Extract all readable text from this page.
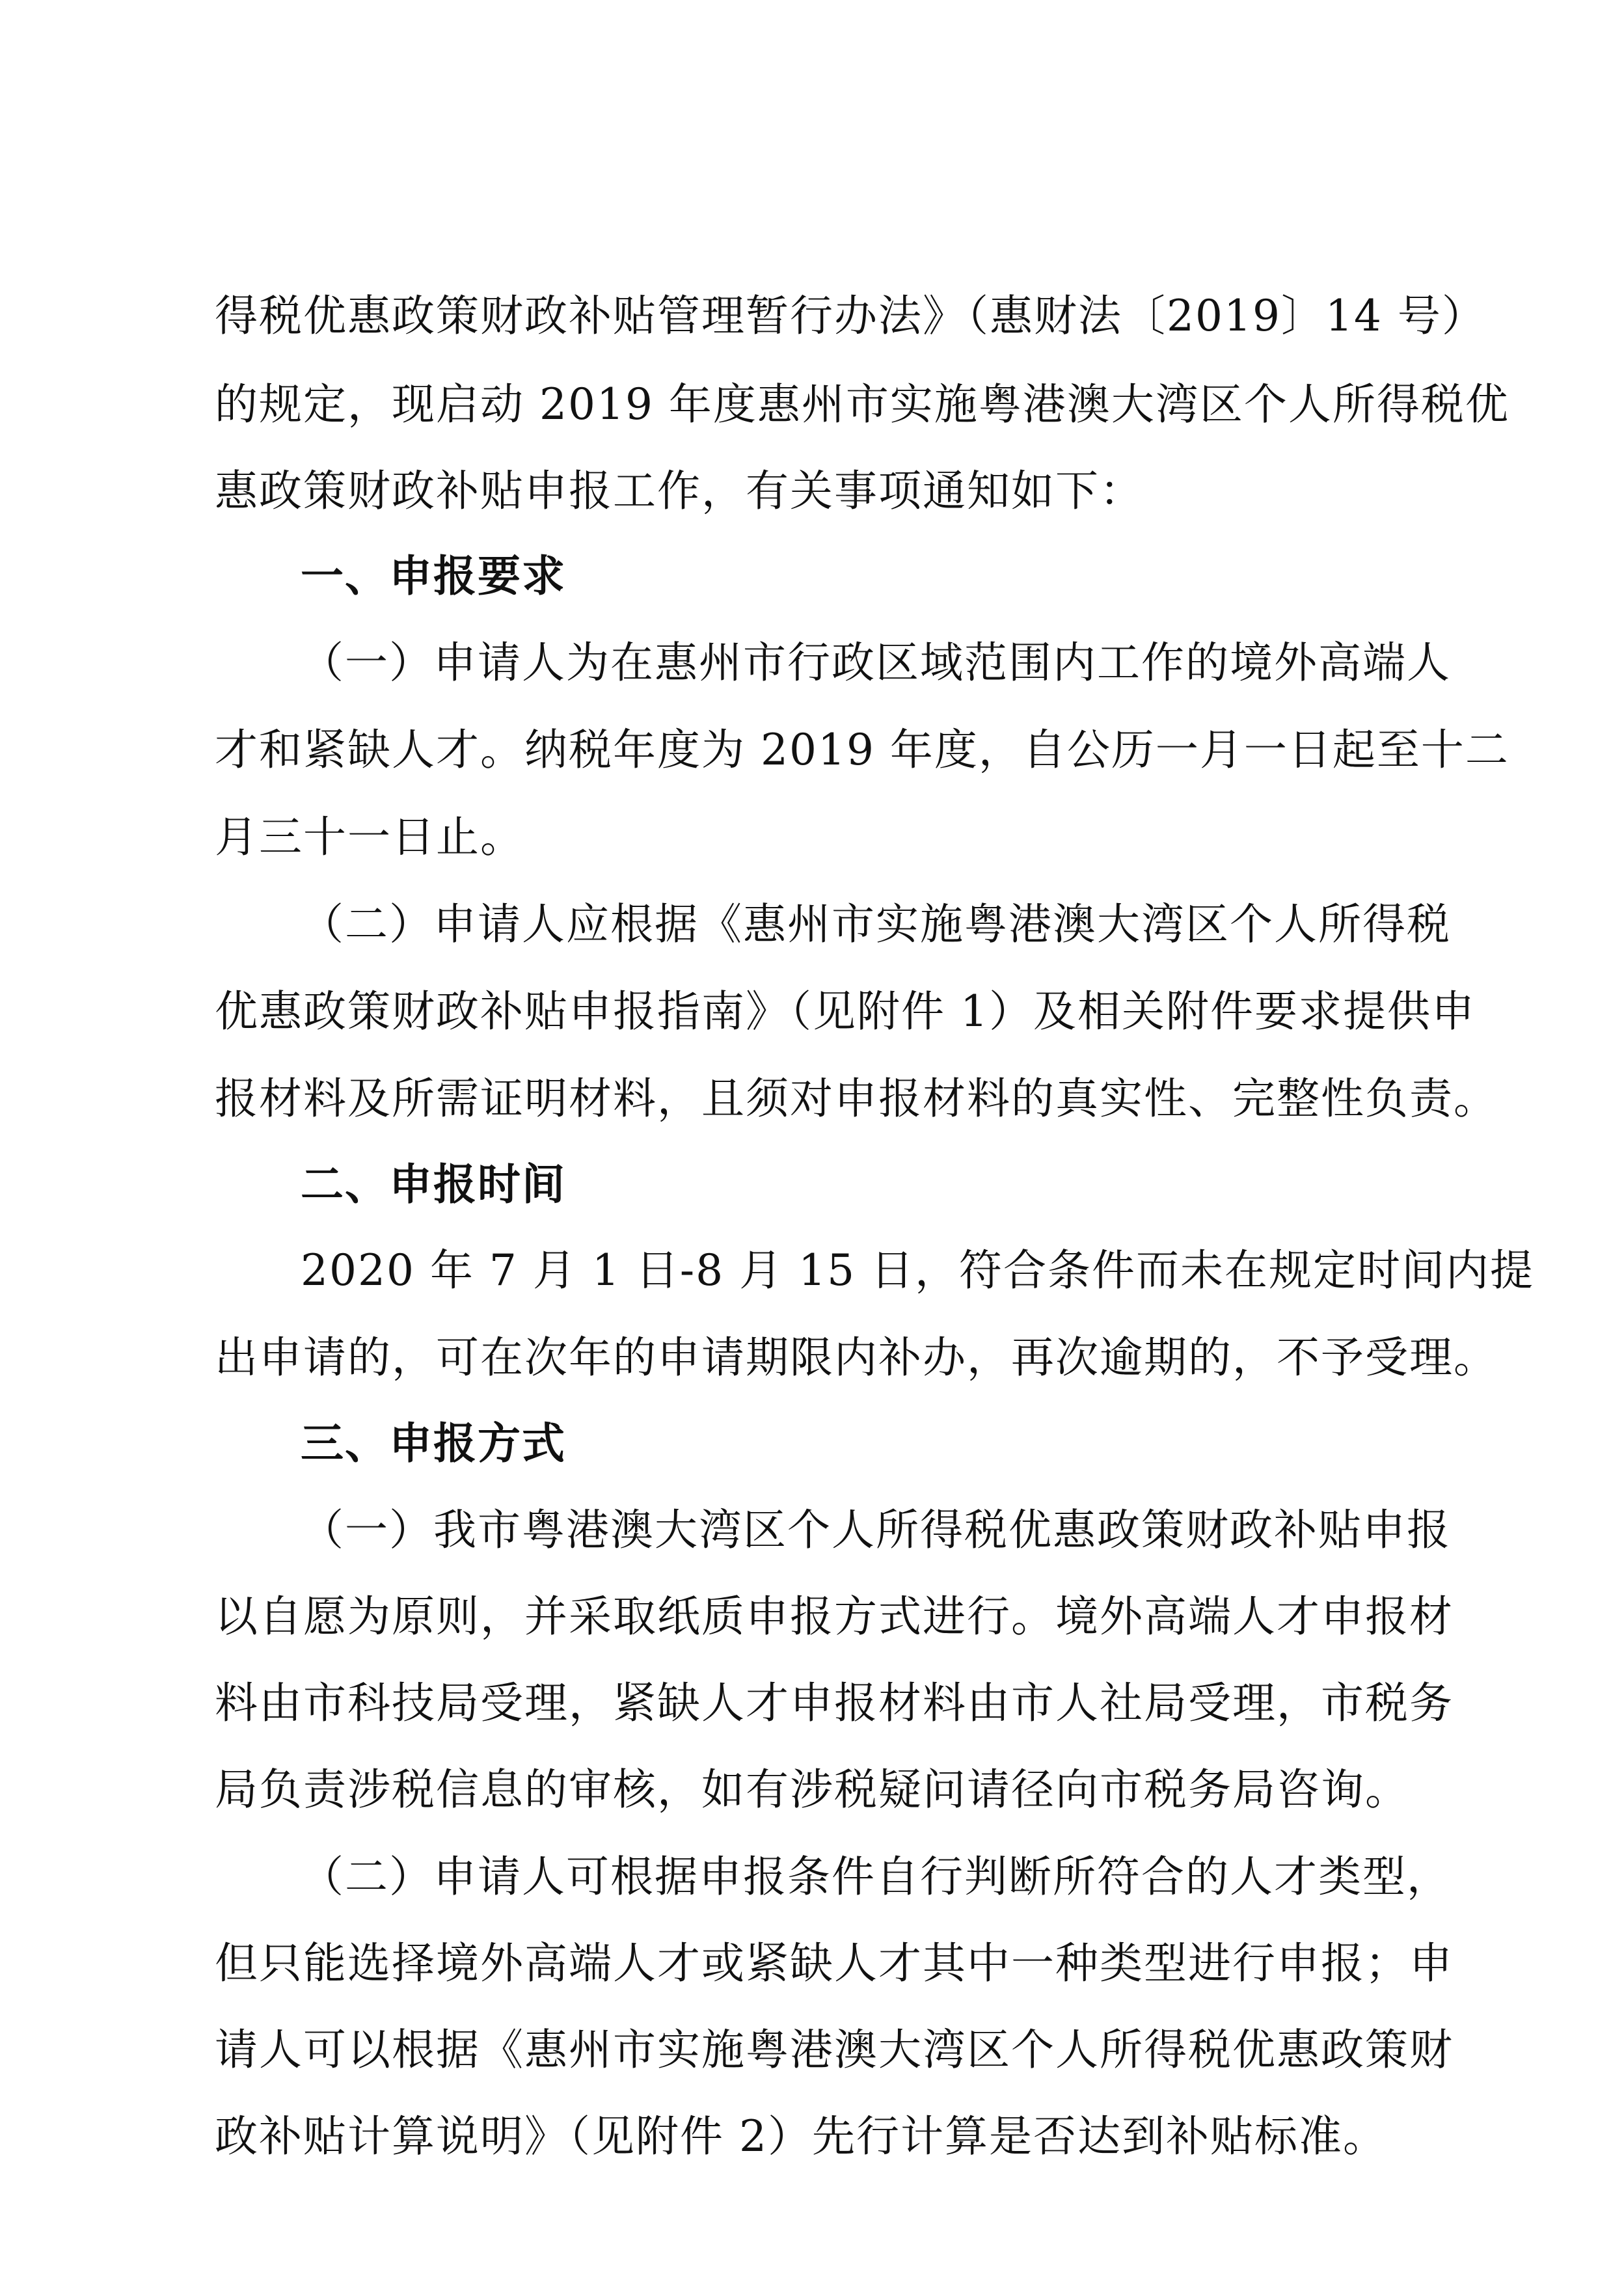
得税优惠政策财政补贴管理暂行办法》（惠财法〔2019〕14 号）
的规定，现启动 2019 年度惠州市实施粤港澳大湾区个人所得税优
惠政策财政补贴申报工作，有关事项通知如下：
一、申报要求
（一）申请人为在惠州市行政区域范围内工作的境外高端人
才和紧缺人才。纳税年度为 2019 年度，自公历一月一日起至十二
月三十一日止。
（二）申请人应根据《惠州市实施粤港澳大湾区个人所得税
优惠政策财政补贴申报指南》（见附件 1）及相关附件要求提供申
报材料及所需证明材料，且须对申报材料的真实性、完整性负责。
二、申报时间
2020 年 7 月 1 日-8 月 15 日，符合条件而未在规定时间内提
出申请的，可在次年的申请期限内补办，再次逾期的，不予受理。
三、申报方式
（一）我市粤港澳大湾区个人所得税优惠政策财政补贴申报
以自愿为原则，并采取纸质申报方式进行。境外高端人才申报材
料由市科技局受理，紧缺人才申报材料由市人社局受理，市税务
局负责涉税信息的审核，如有涉税疑问请径向市税务局咨询。
（二）申请人可根据申报条件自行判断所符合的人才类型，
但只能选择境外高端人才或紧缺人才其中一种类型进行申报；申
请人可以根据《惠州市实施粤港澳大湾区个人所得税优惠政策财
政补贴计算说明》（见附件 2）先行计算是否达到补贴标准。
